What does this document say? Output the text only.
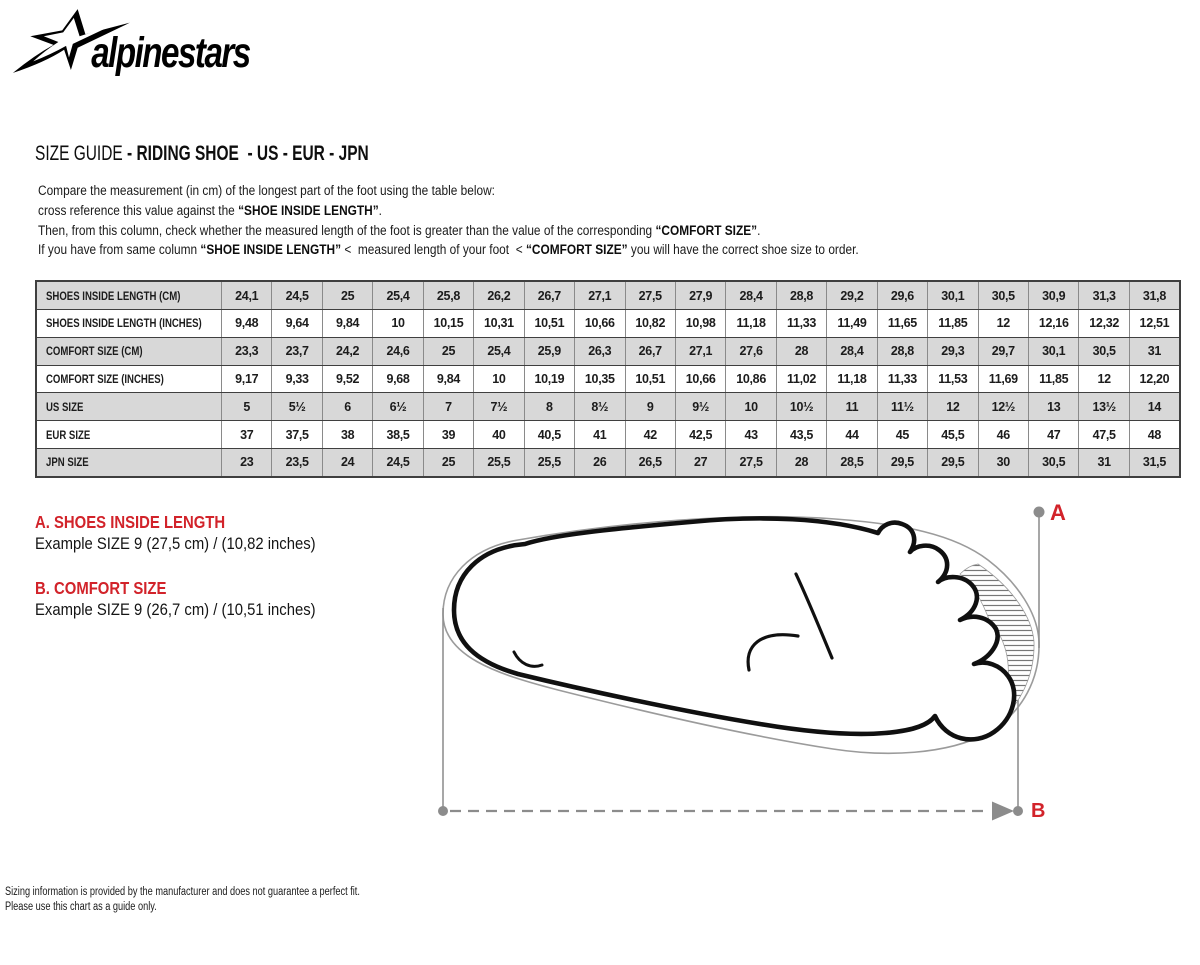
alpinestars
SIZE GUIDE - RIDING SHOE  - US - EUR - JPN

Compare the measurement (in cm) of the longest part of the foot using the table below:

cross reference this value against the “SHOE INSIDE LENGTH”.

Then, from this column, check whether the measured length of the foot is greater than the value of the corresponding “COMFORT SIZE”.

If you have from same column “SHOE INSIDE LENGTH” <  measured length of your foot  < “COMFORT SIZE” you will have the correct shoe size to order.

SHOES INSIDE LENGTH (CM)	24,1	24,5	25	25,4	25,8	26,2	26,7	27,1	27,5	27,9	28,4	28,8	29,2	29,6	30,1	30,5	30,9	31,3	31,8
SHOES INSIDE LENGTH (INCHES)	9,48	9,64	9,84	10	10,15	10,31	10,51	10,66	10,82	10,98	11,18	11,33	11,49	11,65	11,85	12	12,16	12,32	12,51
COMFORT SIZE (CM)	23,3	23,7	24,2	24,6	25	25,4	25,9	26,3	26,7	27,1	27,6	28	28,4	28,8	29,3	29,7	30,1	30,5	31
COMFORT SIZE (INCHES)	9,17	9,33	9,52	9,68	9,84	10	10,19	10,35	10,51	10,66	10,86	11,02	11,18	11,33	11,53	11,69	11,85	12	12,20
US SIZE	5	5½	6	6½	7	7½	8	8½	9	9½	10	10½	11	11½	12	12½	13	13½	14
EUR SIZE	37	37,5	38	38,5	39	40	40,5	41	42	42,5	43	43,5	44	45	45,5	46	47	47,5	48
JPN SIZE	23	23,5	24	24,5	25	25,5	25,5	26	26,5	27	27,5	28	28,5	29,5	29,5	30	30,5	31	31,5
A. SHOES INSIDE LENGTH

Example SIZE 9 (27,5 cm) / (10,82 inches)

B. COMFORT SIZE

Example SIZE 9 (26,7 cm) / (10,51 inches)

A
B

Sizing information is provided by the manufacturer and does not guarantee a perfect fit.

Please use this chart as a guide only.
